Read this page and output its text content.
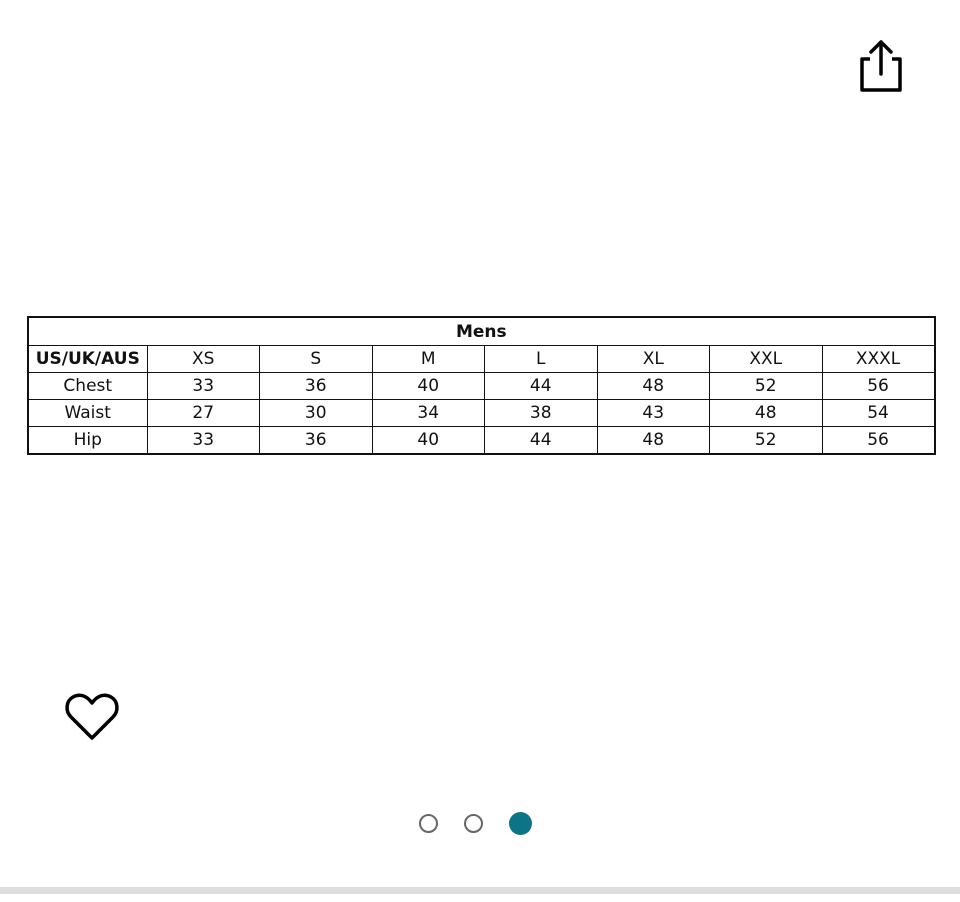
Mens							
US/UK/AUS	XS	S	M	L	XL	XXL	XXXL
Chest	33	36	40	44	48	52	56
Waist	27	30	34	38	43	48	54
Hip	33	36	40	44	48	52	56
